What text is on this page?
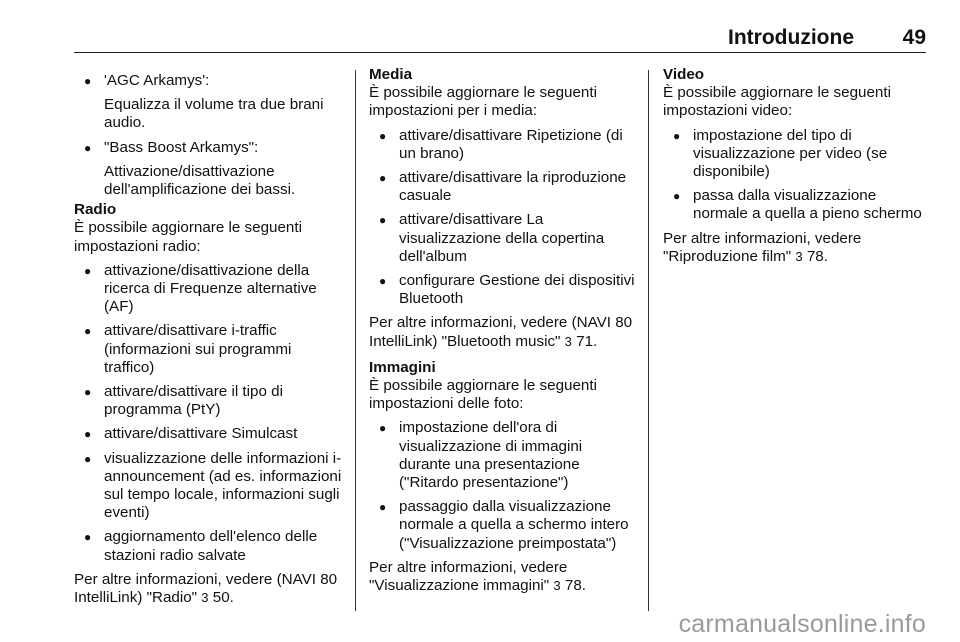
Introduzione 49
● 'AGC Arkamys':
Equalizza il volume tra due brani audio.
● "Bass Boost Arkamys":
Attivazione/disattivazione dell'amplificazione dei bassi.
Radio
È possibile aggiornare le seguenti impostazioni radio:
● attivazione/disattivazione della ricerca di Frequenze alternative (AF)
● attivare/disattivare i-traffic (informazioni sui programmi traffico)
● attivare/disattivare il tipo di programma (PtY)
● attivare/disattivare Simulcast
● visualizzazione delle informazioni i-announcement (ad es. informazioni sul tempo locale, informazioni sugli eventi)
● aggiornamento dell'elenco delle stazioni radio salvate
Per altre informazioni, vedere (NAVI 80 IntelliLink) "Radio" 3 50.
Media
È possibile aggiornare le seguenti impostazioni per i media:
● attivare/disattivare Ripetizione (di un brano)
● attivare/disattivare la riproduzione casuale
● attivare/disattivare La visualizzazione della copertina dell'album
● configurare Gestione dei dispositivi Bluetooth
Per altre informazioni, vedere (NAVI 80 IntelliLink) "Bluetooth music" 3 71.
Immagini
È possibile aggiornare le seguenti impostazioni delle foto:
● impostazione dell'ora di visualizzazione di immagini durante una presentazione ("Ritardo presentazione")
● passaggio dalla visualizzazione normale a quella a schermo intero ("Visualizzazione preimpostata")
Per altre informazioni, vedere "Visualizzazione immagini" 3 78.
Video
È possibile aggiornare le seguenti impostazioni video:
● impostazione del tipo di visualizzazione per video (se disponibile)
● passa dalla visualizzazione normale a quella a pieno schermo
Per altre informazioni, vedere "Riproduzione film" 3 78.
carmanualsonline.info
